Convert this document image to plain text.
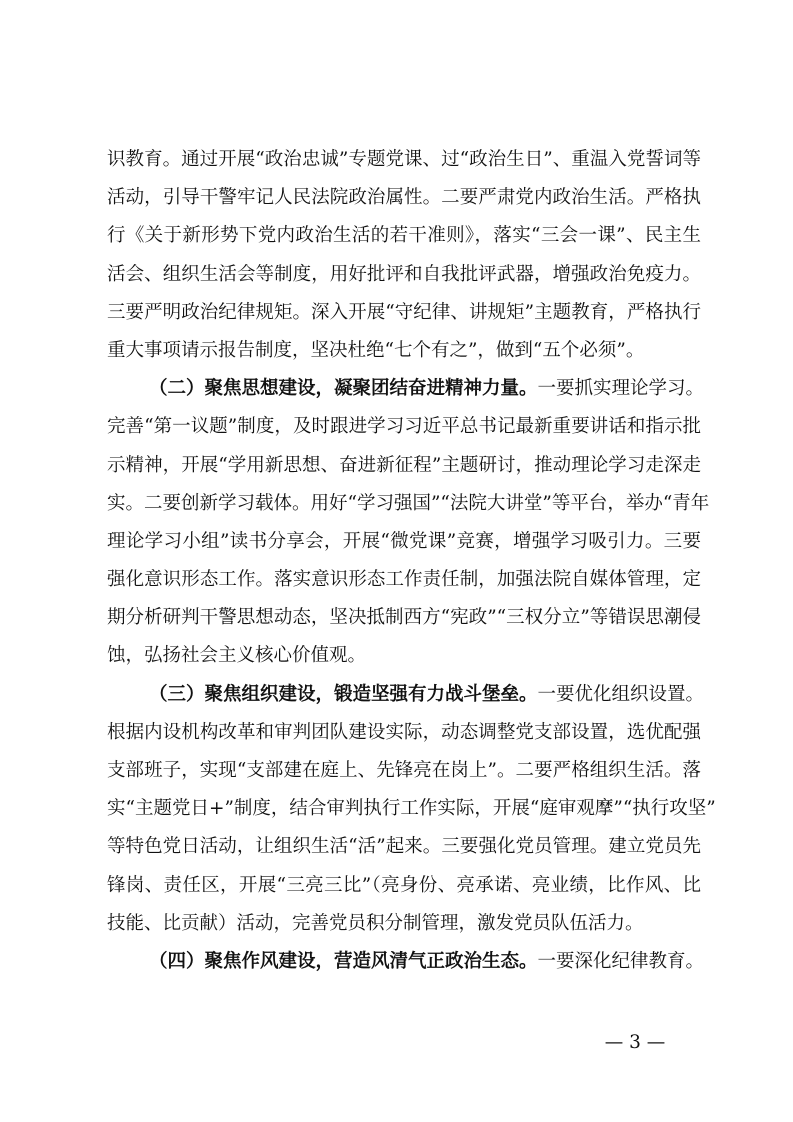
识教育。通过开展“政治忠诚”专题党课、过“政治生日”、重温入党誓词等
活动，引导干警牢记人民法院政治属性。二要严肃党内政治生活。严格执
行《关于新形势下党内政治生活的若干准则》，落实“三会一课”、民主生
活会、组织生活会等制度，用好批评和自我批评武器，增强政治免疫力。
三要严明政治纪律规矩。深入开展“守纪律、讲规矩”主题教育，严格执行
重大事项请示报告制度，坚决杜绝“七个有之”，做到“五个必须”。
（二）聚焦思想建设，凝聚团结奋进精神力量。一要抓实理论学习。
完善“第一议题”制度，及时跟进学习习近平总书记最新重要讲话和指示批
示精神，开展“学用新思想、奋进新征程”主题研讨，推动理论学习走深走
实。二要创新学习载体。用好“学习强国”“法院大讲堂”等平台，举办“青年
理论学习小组”读书分享会，开展“微党课”竞赛，增强学习吸引力。三要
强化意识形态工作。落实意识形态工作责任制，加强法院自媒体管理，定
期分析研判干警思想动态，坚决抵制西方“宪政”“三权分立”等错误思潮侵
蚀，弘扬社会主义核心价值观。
（三）聚焦组织建设，锻造坚强有力战斗堡垒。一要优化组织设置。
根据内设机构改革和审判团队建设实际，动态调整党支部设置，选优配强
支部班子，实现“支部建在庭上、先锋亮在岗上”。二要严格组织生活。落
实“主题党日+”制度，结合审判执行工作实际，开展“庭审观摩”“执行攻坚”
等特色党日活动，让组织生活“活”起来。三要强化党员管理。建立党员先
锋岗、责任区，开展“三亮三比”（亮身份、亮承诺、亮业绩，比作风、比
技能、比贡献）活动，完善党员积分制管理，激发党员队伍活力。
（四）聚焦作风建设，营造风清气正政治生态。一要深化纪律教育。
— 3 —
